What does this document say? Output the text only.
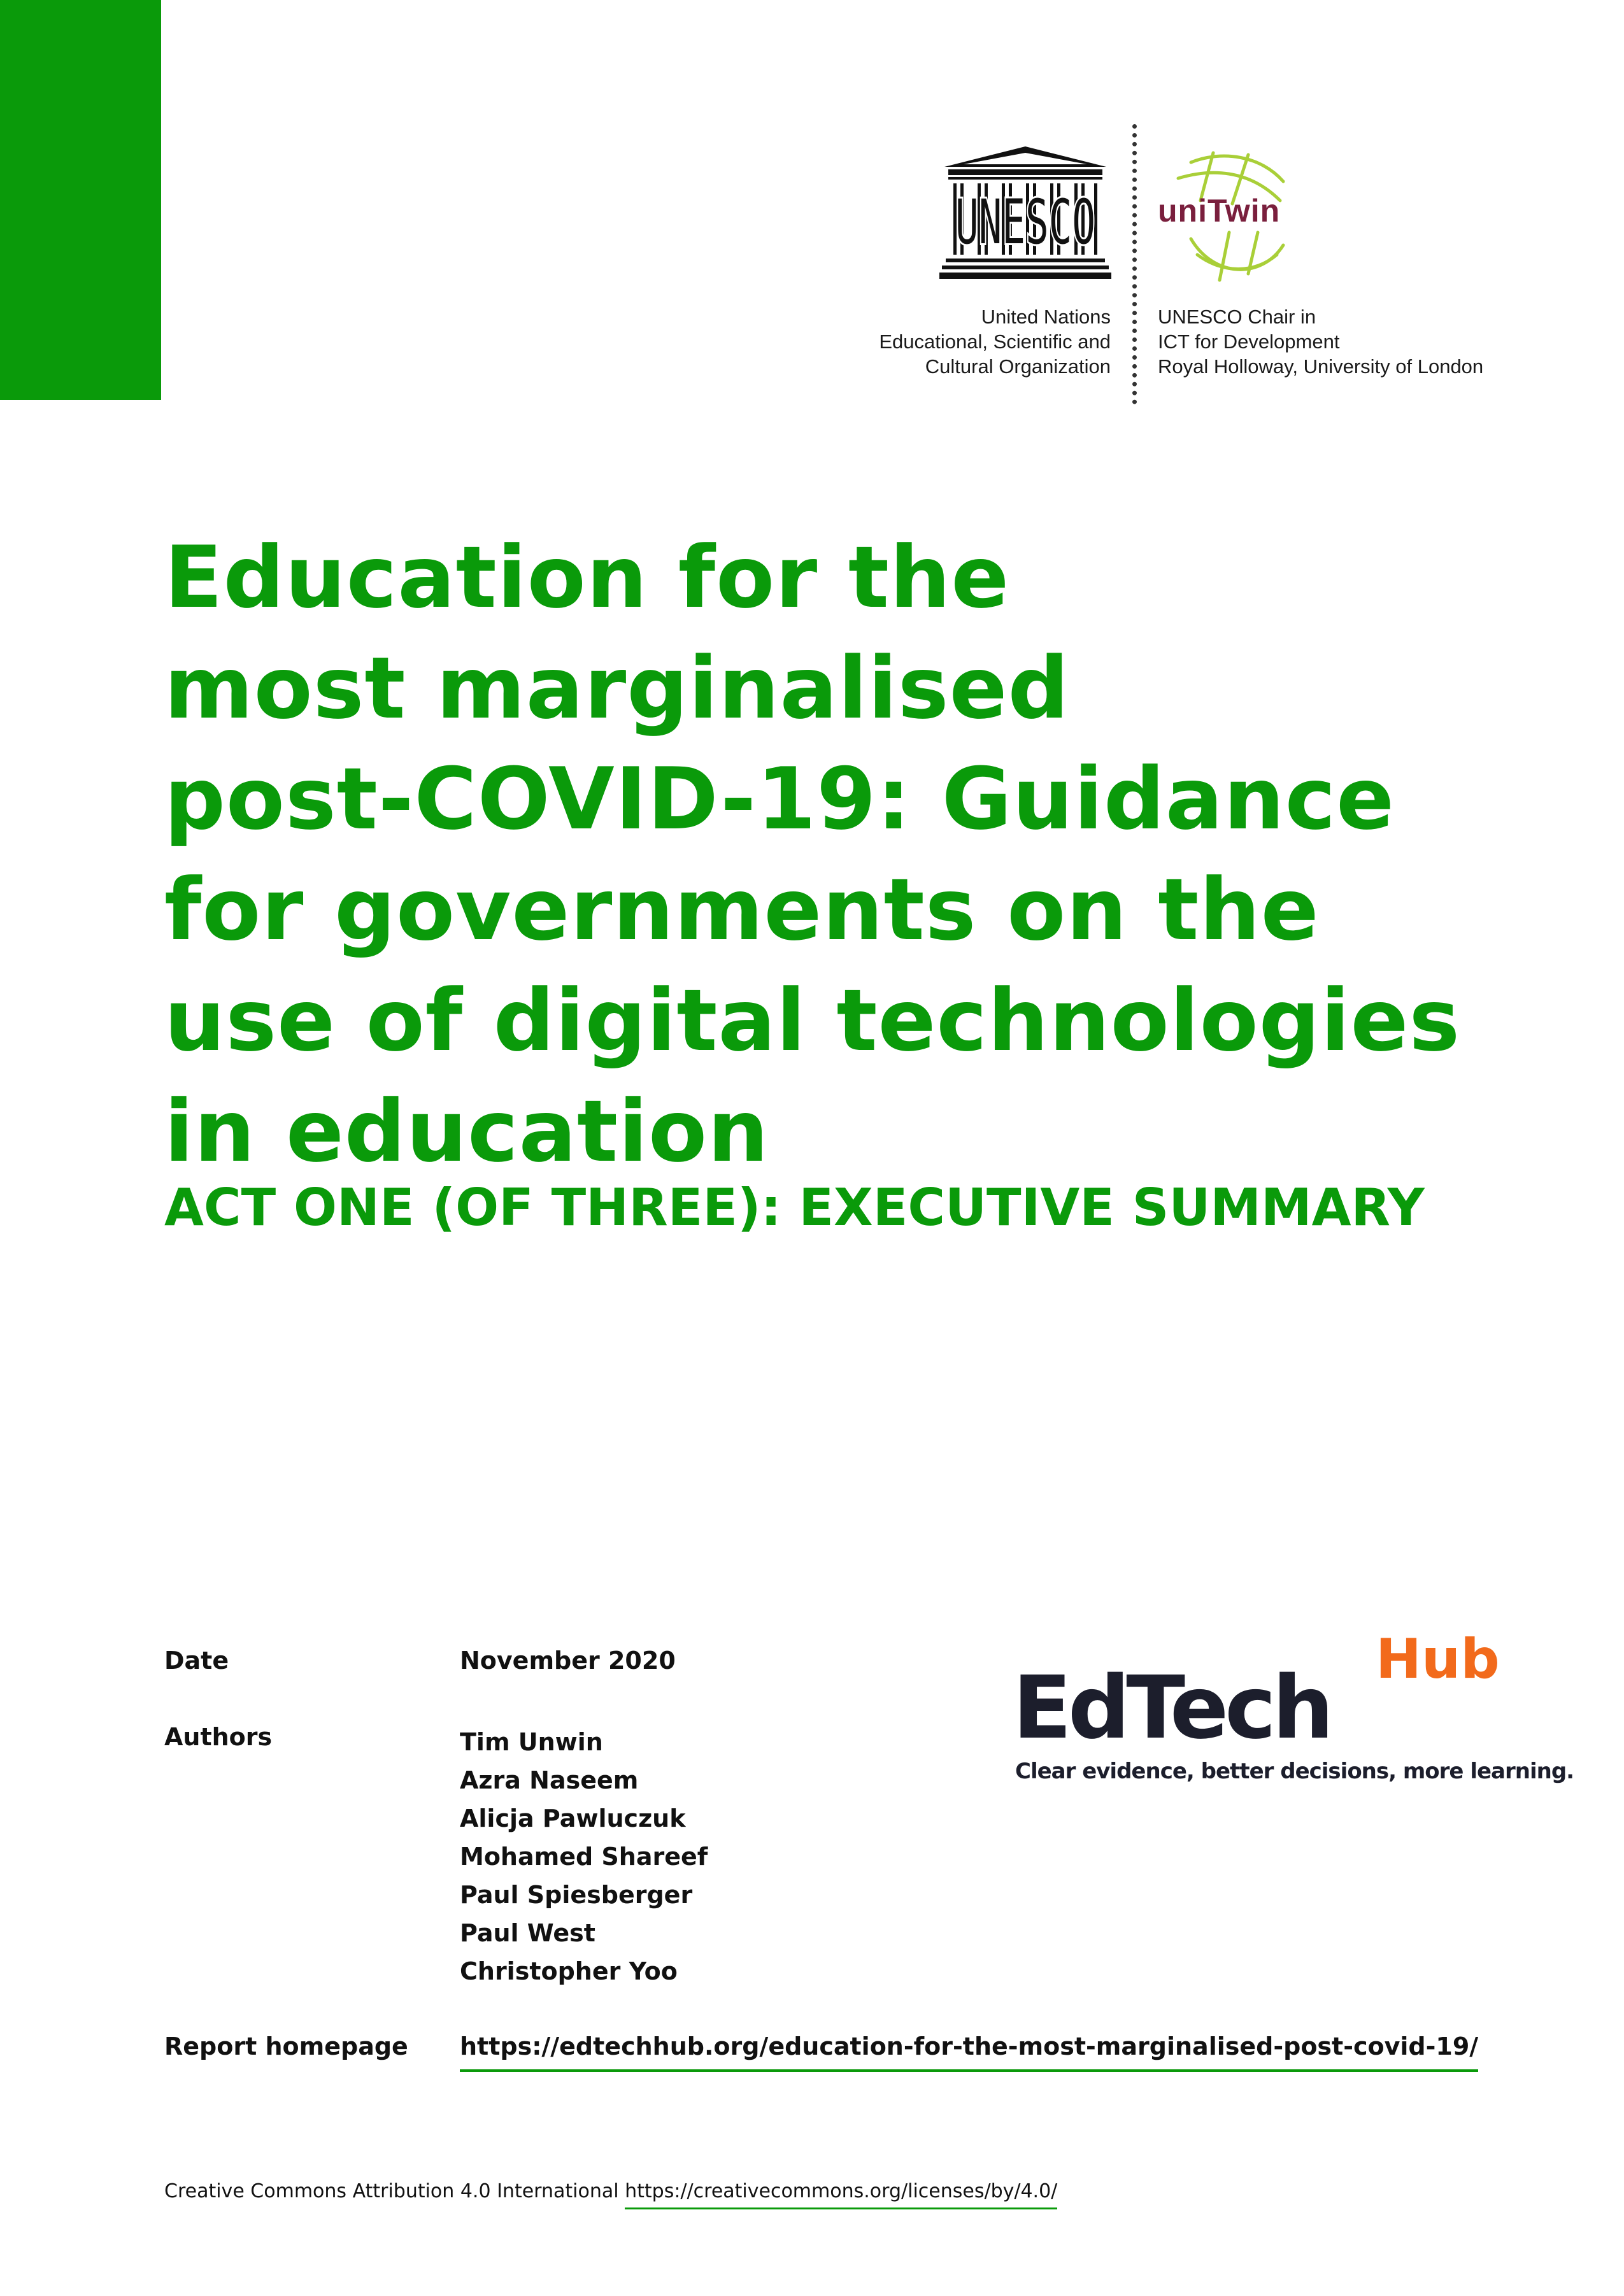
UNESCO
United Nations
Educational, Scientific and
Cultural Organization
uniTwin
UNESCO Chair in
ICT for Development
Royal Holloway, University of London
Education for the
most marginalised
post-COVID-19: Guidance
for governments on the
use of digital technologies
in education
ACT ONE (OF THREE): EXECUTIVE SUMMARY
Date	November 2020
Authors	Tim Unwin
Azra Naseem
Alicja Pawluczuk
Mohamed Shareef
Paul Spiesberger
Paul West
Christopher Yoo
Report homepage https://edtechhub.org/education-for-the-most-marginalised-post-covid-19/
EdTech Hub
Clear evidence, better decisions, more learning.
Creative Commons Attribution 4.0 International https://creativecommons.org/licenses/by/4.0/
